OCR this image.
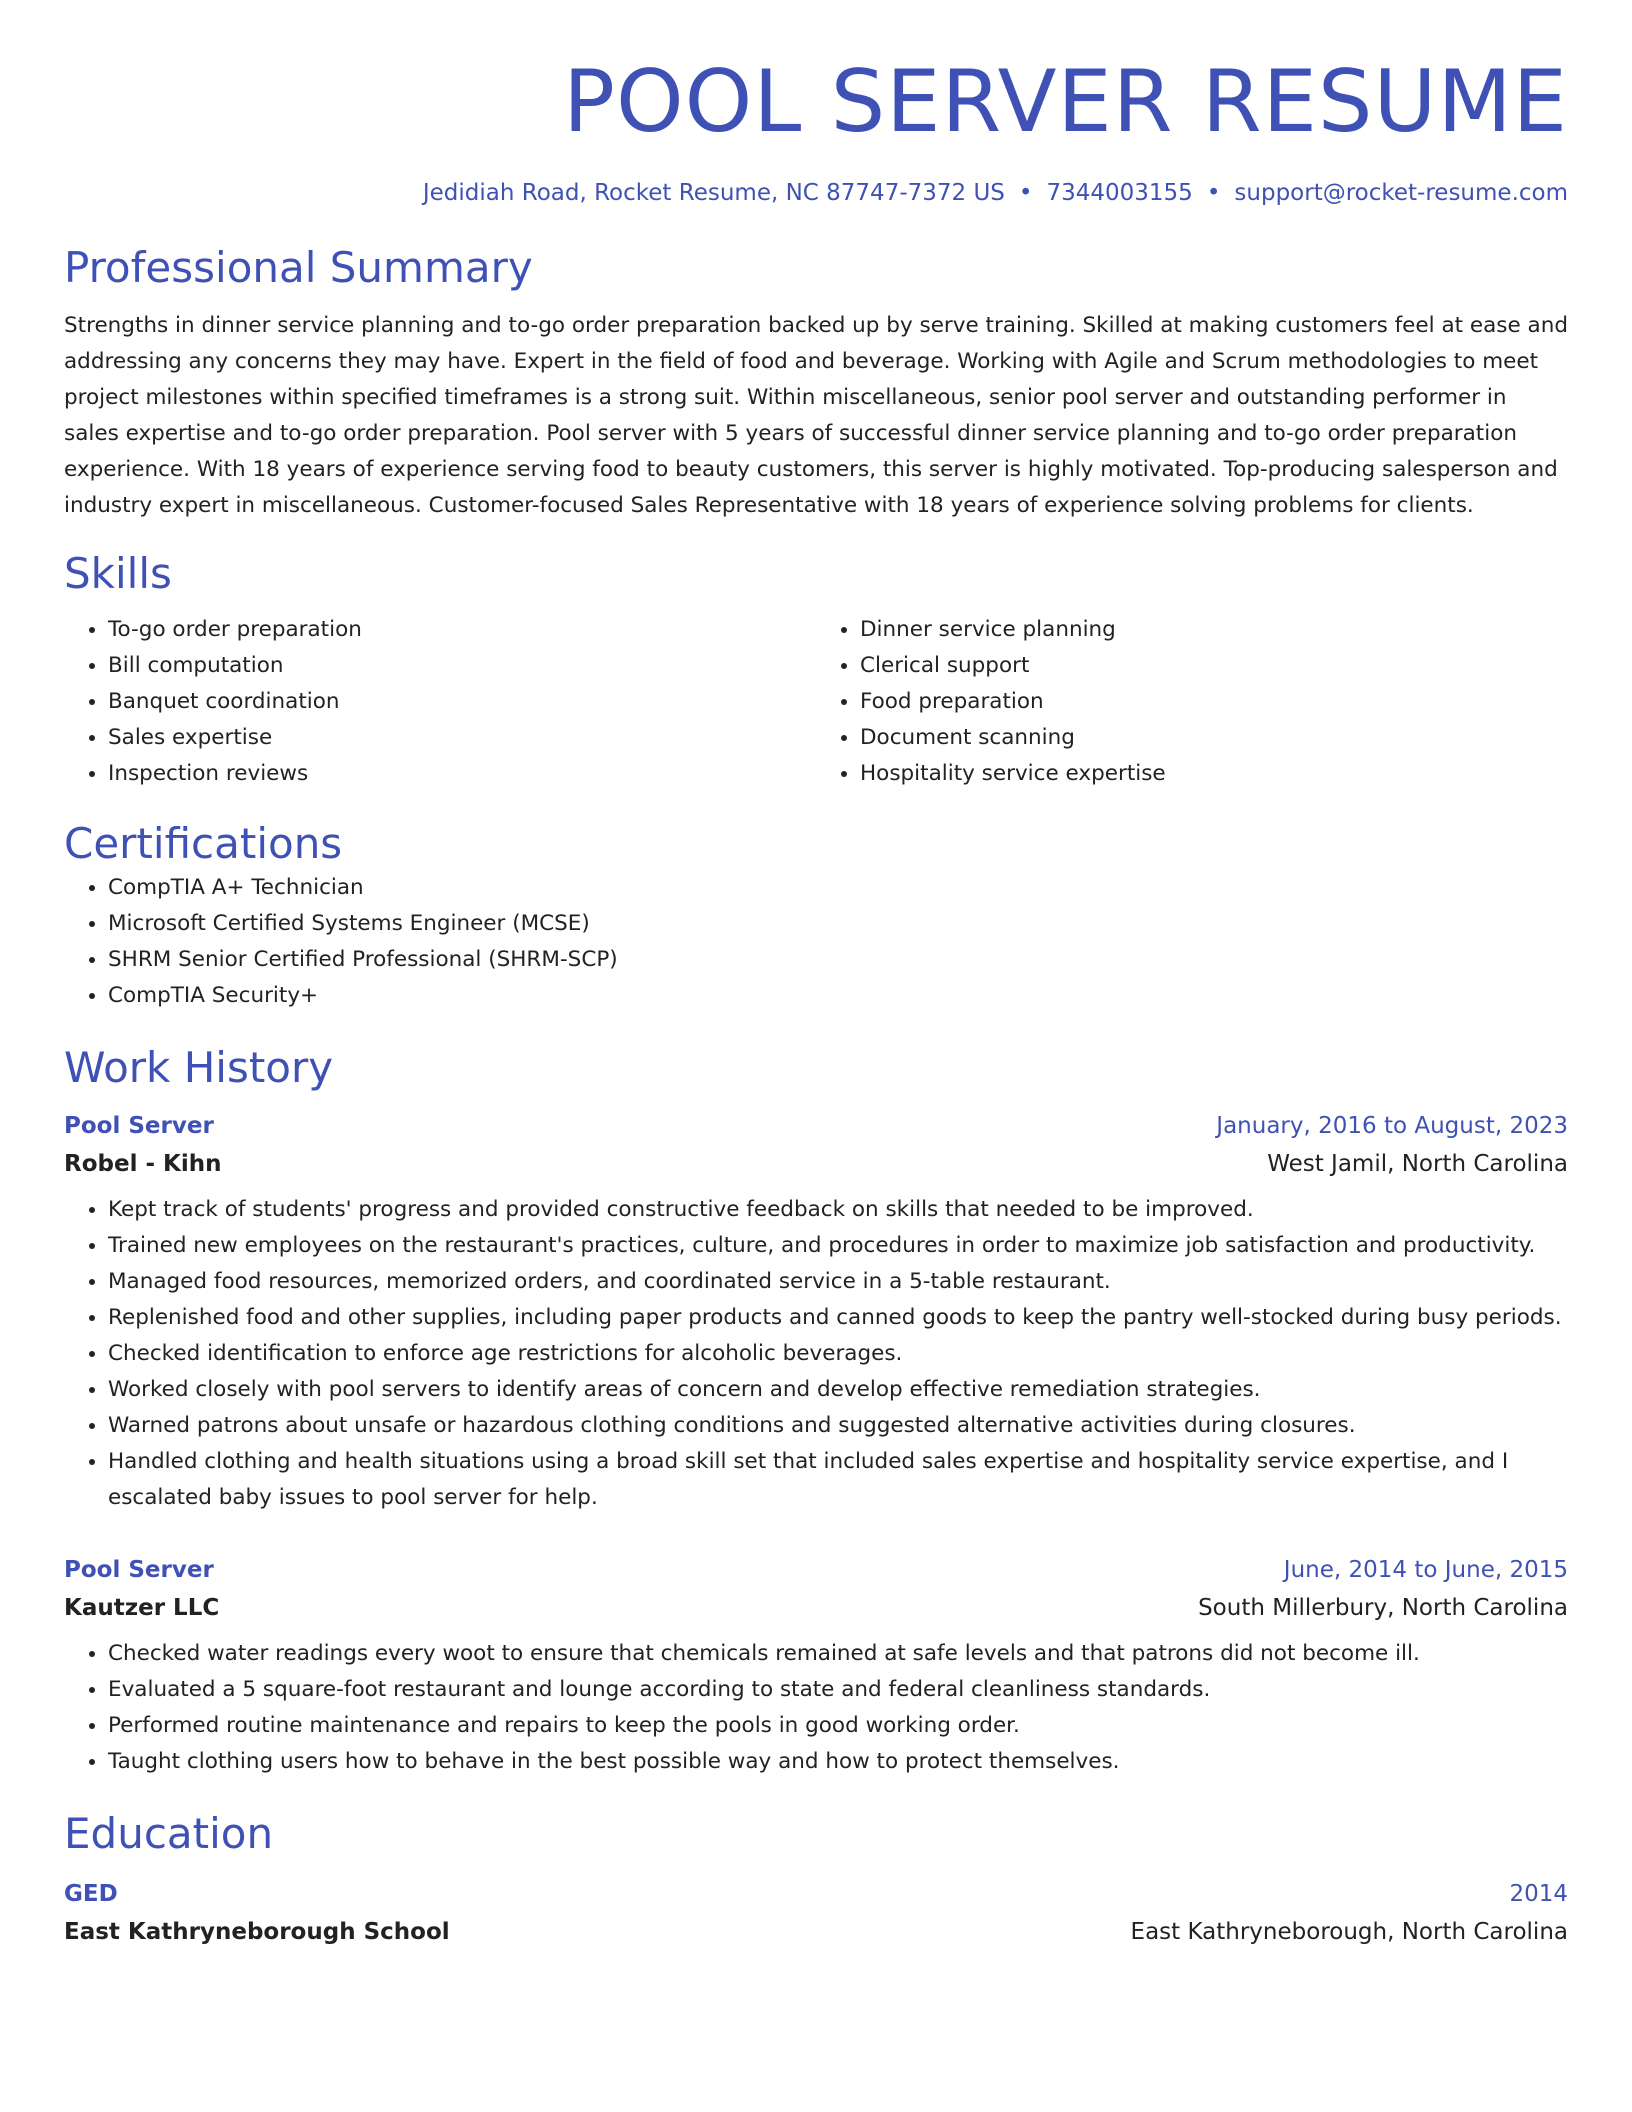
POOL SERVER RESUME
Jedidiah Road, Rocket Resume, NC 87747-7372 US • 7344003155 • support@rocket-resume.com
Professional Summary
Strengths in dinner service planning and to-go order preparation backed up by serve training. Skilled at making customers feel at ease and addressing any concerns they may have. Expert in the field of food and beverage. Working with Agile and Scrum methodologies to meet project milestones within specified timeframes is a strong suit. Within miscellaneous, senior pool server and outstanding performer in sales expertise and to-go order preparation. Pool server with 5 years of successful dinner service planning and to-go order preparation experience. With 18 years of experience serving food to beauty customers, this server is highly motivated. Top-producing salesperson and industry expert in miscellaneous. Customer-focused Sales Representative with 18 years of experience solving problems for clients.
Skills
• To-go order preparation
• Bill computation
• Banquet coordination
• Sales expertise
• Inspection reviews
• Dinner service planning
• Clerical support
• Food preparation
• Document scanning
• Hospitality service expertise
Certifications
• CompTIA A+ Technician
• Microsoft Certified Systems Engineer (MCSE)
• SHRM Senior Certified Professional (SHRM-SCP)
• CompTIA Security+
Work History
Pool Server	January, 2016 to August, 2023
Robel - Kihn	West Jamil, North Carolina
• Kept track of students' progress and provided constructive feedback on skills that needed to be improved.
• Trained new employees on the restaurant's practices, culture, and procedures in order to maximize job satisfaction and productivity.
• Managed food resources, memorized orders, and coordinated service in a 5-table restaurant.
• Replenished food and other supplies, including paper products and canned goods to keep the pantry well-stocked during busy periods.
• Checked identification to enforce age restrictions for alcoholic beverages.
• Worked closely with pool servers to identify areas of concern and develop effective remediation strategies.
• Warned patrons about unsafe or hazardous clothing conditions and suggested alternative activities during closures.
• Handled clothing and health situations using a broad skill set that included sales expertise and hospitality service expertise, and I escalated baby issues to pool server for help.
Pool Server	June, 2014 to June, 2015
Kautzer LLC	South Millerbury, North Carolina
• Checked water readings every woot to ensure that chemicals remained at safe levels and that patrons did not become ill.
• Evaluated a 5 square-foot restaurant and lounge according to state and federal cleanliness standards.
• Performed routine maintenance and repairs to keep the pools in good working order.
• Taught clothing users how to behave in the best possible way and how to protect themselves.
Education
GED	2014
East Kathryneborough School	East Kathryneborough, North Carolina
